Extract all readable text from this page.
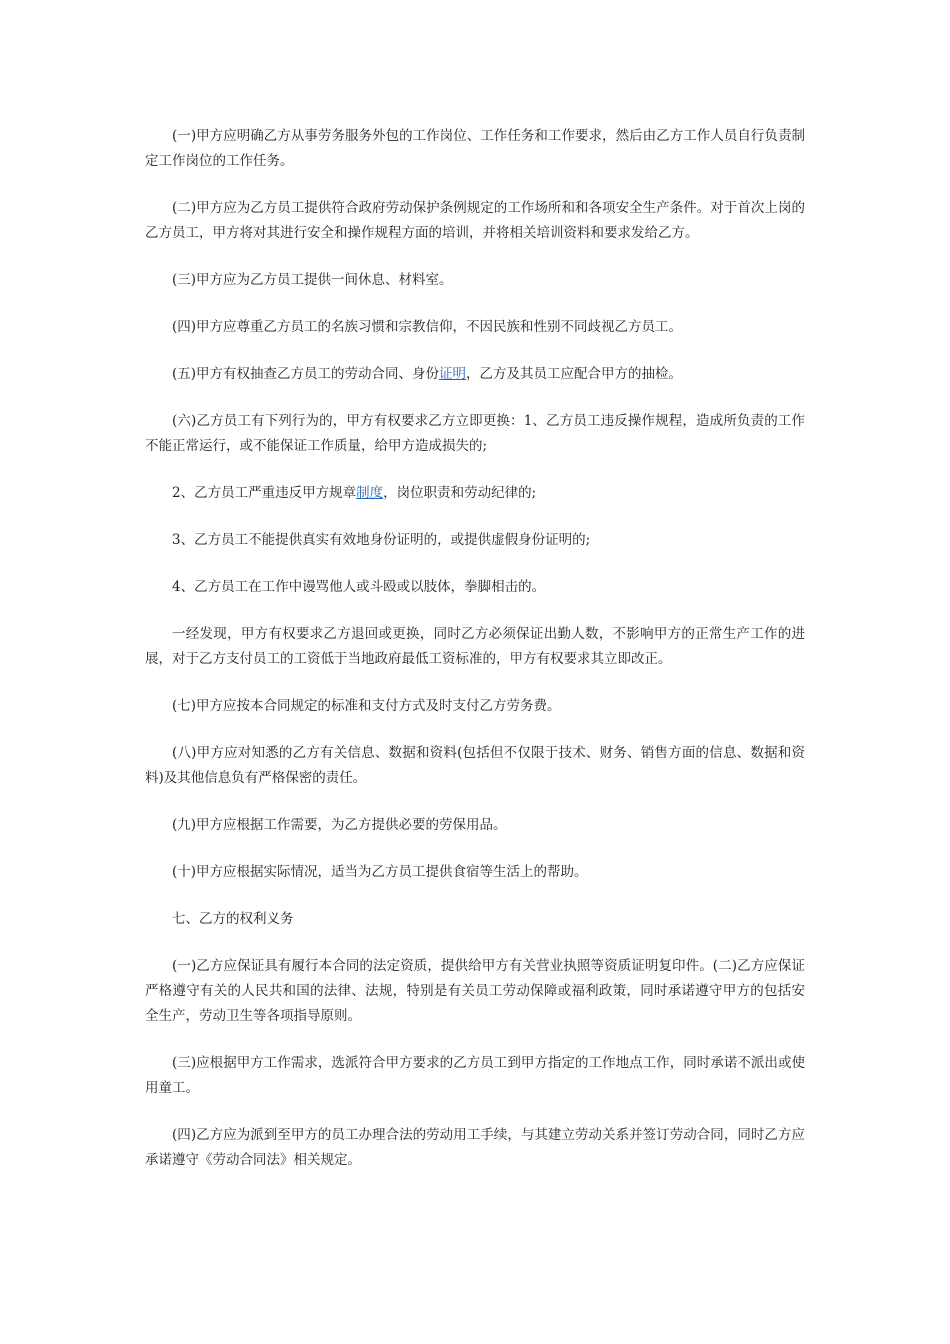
(一)甲方应明确乙方从事劳务服务外包的工作岗位、工作任务和工作要求，然后由乙方工作人员自行负责制定工作岗位的工作任务。

(二)甲方应为乙方员工提供符合政府劳动保护条例规定的工作场所和和各项安全生产条件。对于首次上岗的乙方员工，甲方将对其进行安全和操作规程方面的培训，并将相关培训资料和要求发给乙方。

(三)甲方应为乙方员工提供一间休息、材料室。

(四)甲方应尊重乙方员工的名族习惯和宗教信仰，不因民族和性别不同歧视乙方员工。

(五)甲方有权抽查乙方员工的劳动合同、身份证明，乙方及其员工应配合甲方的抽检。

(六)乙方员工有下列行为的，甲方有权要求乙方立即更换：1、乙方员工违反操作规程，造成所负责的工作不能正常运行，或不能保证工作质量，给甲方造成损失的;

2、乙方员工严重违反甲方规章制度，岗位职责和劳动纪律的;

3、乙方员工不能提供真实有效地身份证明的，或提供虚假身份证明的;

4、乙方员工在工作中谩骂他人或斗殴或以肢体，拳脚相击的。

一经发现，甲方有权要求乙方退回或更换，同时乙方必须保证出勤人数，不影响甲方的正常生产工作的进展，对于乙方支付员工的工资低于当地政府最低工资标准的，甲方有权要求其立即改正。

(七)甲方应按本合同规定的标准和支付方式及时支付乙方劳务费。

(八)甲方应对知悉的乙方有关信息、数据和资料(包括但不仅限于技术、财务、销售方面的信息、数据和资料)及其他信息负有严格保密的责任。

(九)甲方应根据工作需要，为乙方提供必要的劳保用品。

(十)甲方应根据实际情况，适当为乙方员工提供食宿等生活上的帮助。

七、乙方的权利义务

(一)乙方应保证具有履行本合同的法定资质，提供给甲方有关营业执照等资质证明复印件。(二)乙方应保证严格遵守有关的人民共和国的法律、法规，特别是有关员工劳动保障或福利政策，同时承诺遵守甲方的包括安全生产，劳动卫生等各项指导原则。

(三)应根据甲方工作需求，选派符合甲方要求的乙方员工到甲方指定的工作地点工作，同时承诺不派出或使用童工。

(四)乙方应为派到至甲方的员工办理合法的劳动用工手续，与其建立劳动关系并签订劳动合同，同时乙方应承诺遵守《劳动合同法》相关规定。
